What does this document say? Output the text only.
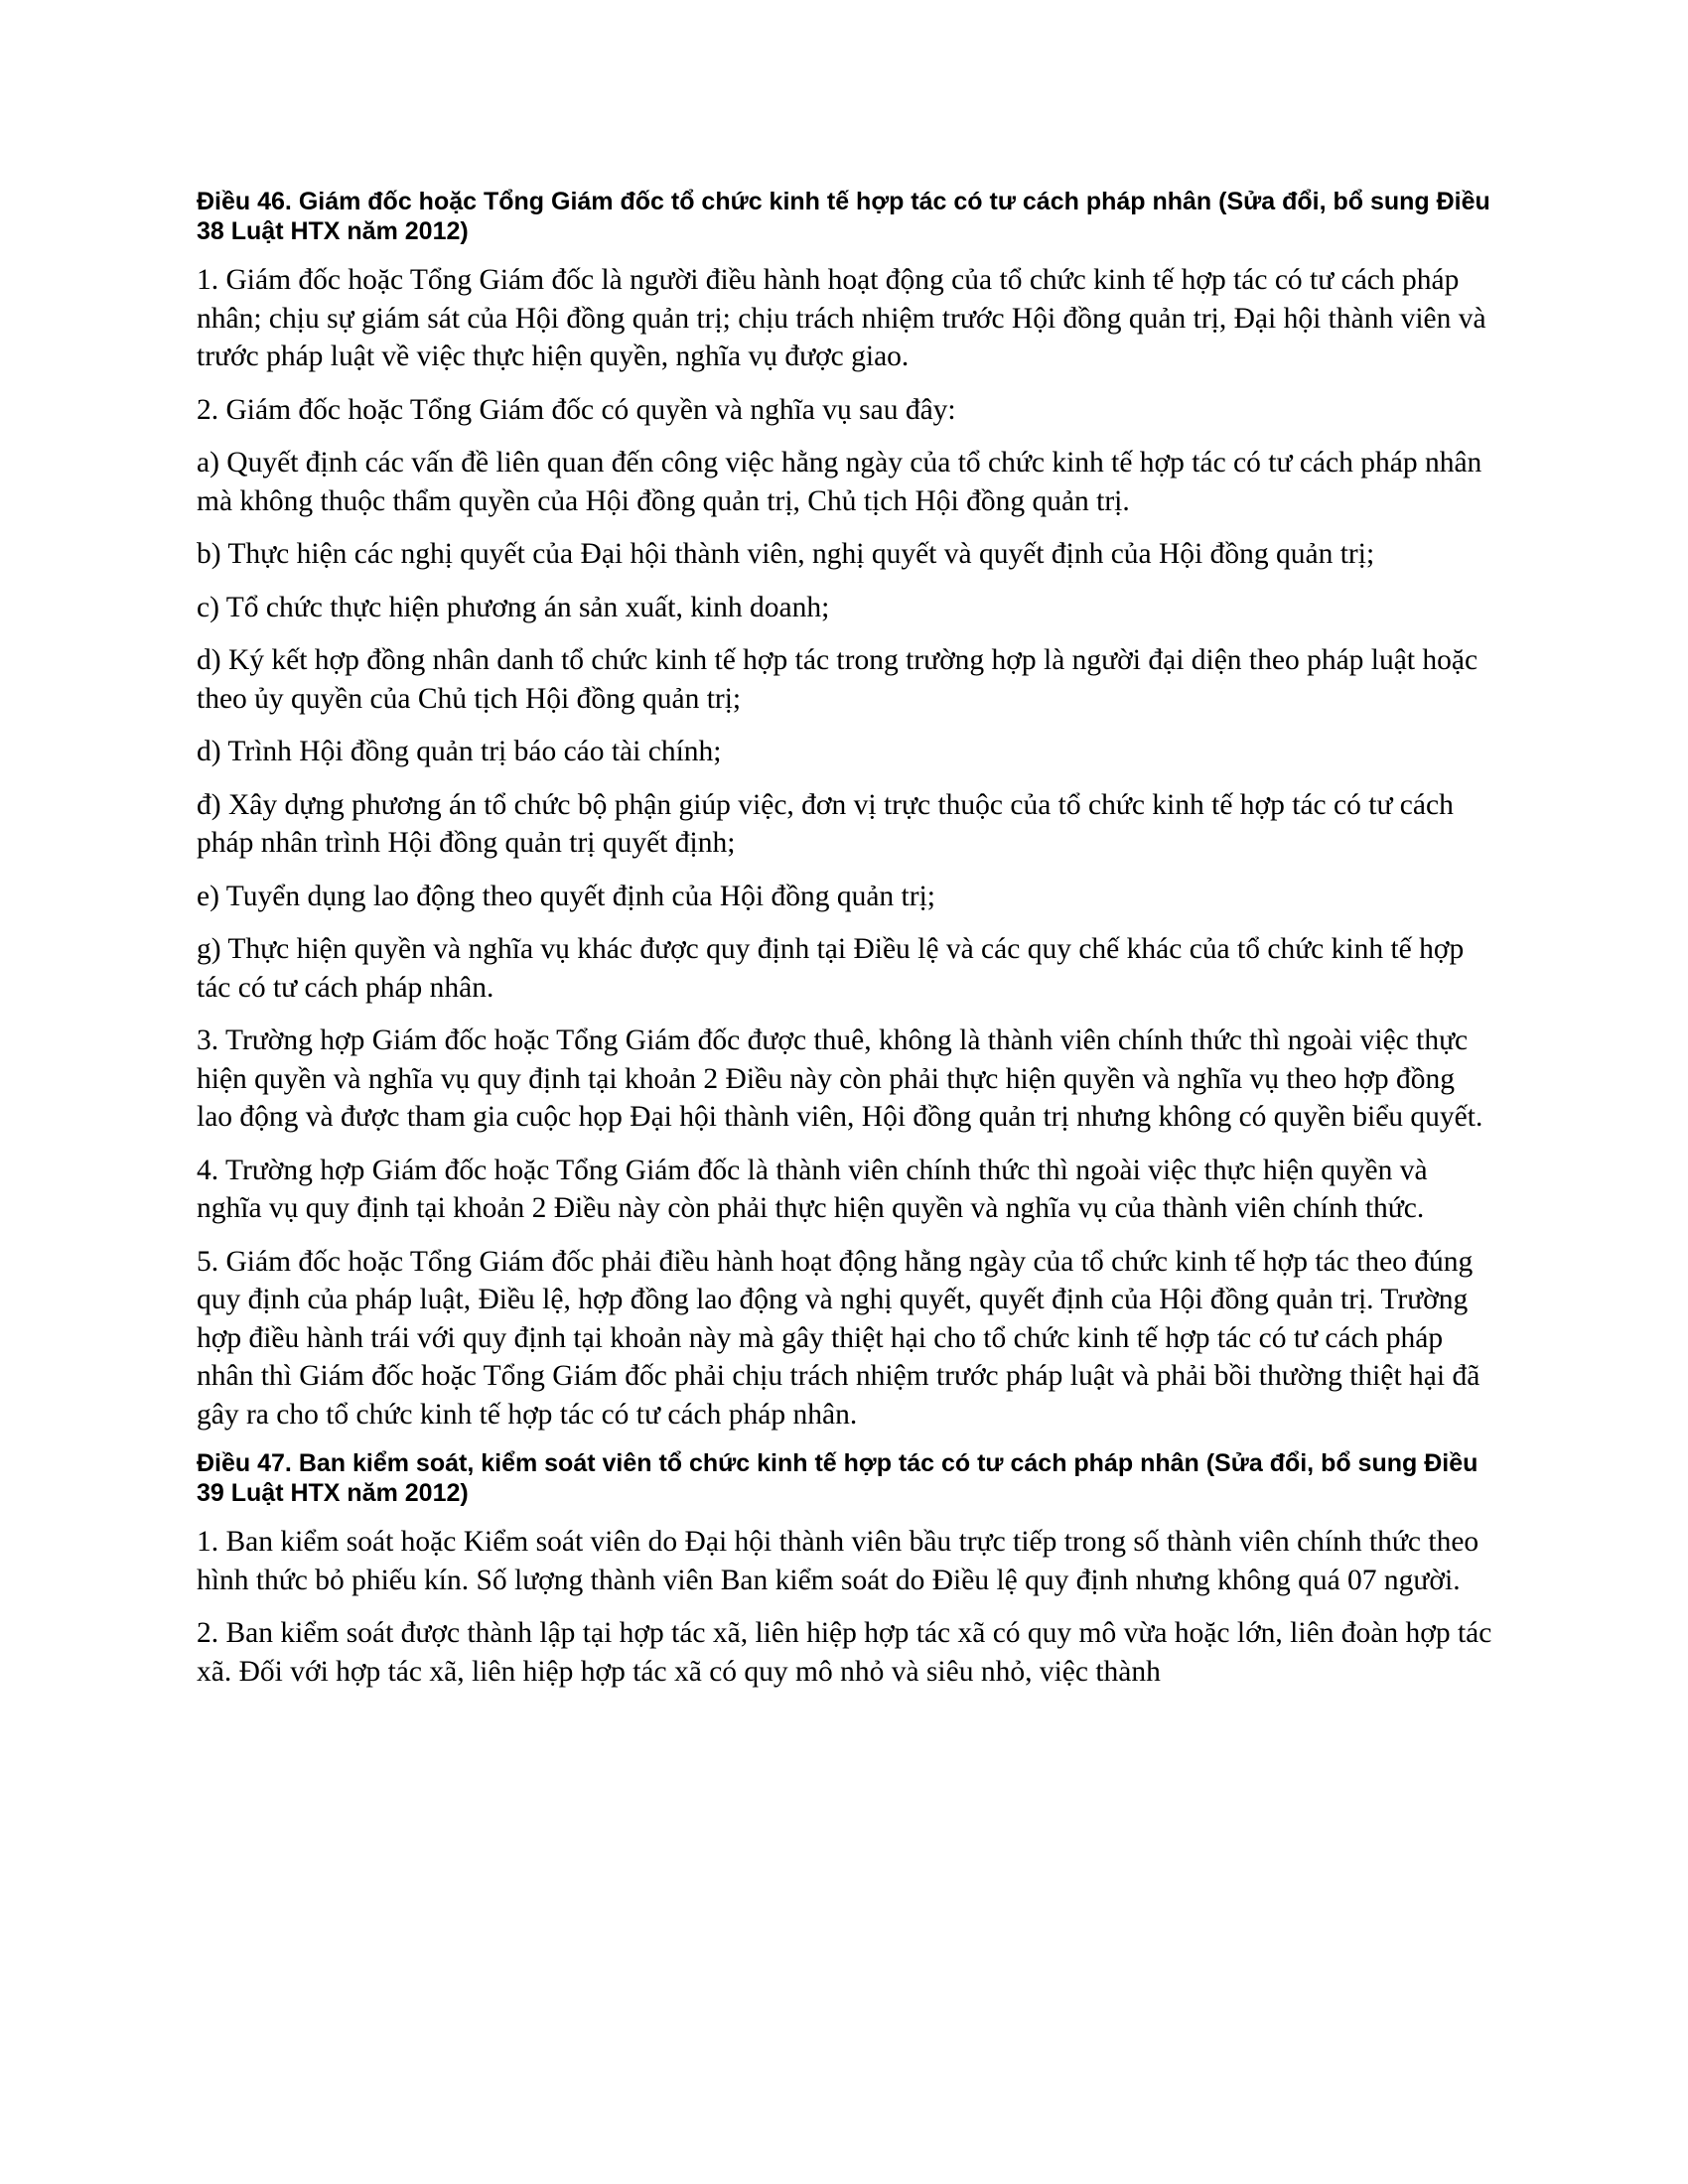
Điều 46. Giám đốc hoặc Tổng Giám đốc tổ chức kinh tế hợp tác có tư cách pháp nhân (Sửa đổi, bổ sung Điều 38 Luật HTX năm 2012)
1. Giám đốc hoặc Tổng Giám đốc là người điều hành hoạt động của tổ chức kinh tế hợp tác có tư cách pháp nhân; chịu sự giám sát của Hội đồng quản trị; chịu trách nhiệm trước Hội đồng quản trị, Đại hội thành viên và trước pháp luật về việc thực hiện quyền, nghĩa vụ được giao.
2. Giám đốc hoặc Tổng Giám đốc có quyền và nghĩa vụ sau đây:
a) Quyết định các vấn đề liên quan đến công việc hằng ngày của tổ chức kinh tế hợp tác có tư cách pháp nhân mà không thuộc thẩm quyền của Hội đồng quản trị, Chủ tịch Hội đồng quản trị.
b) Thực hiện các nghị quyết của Đại hội thành viên, nghị quyết và quyết định của Hội đồng quản trị;
c) Tổ chức thực hiện phương án sản xuất, kinh doanh;
d) Ký kết hợp đồng nhân danh tổ chức kinh tế hợp tác trong trường hợp là người đại diện theo pháp luật hoặc theo ủy quyền của Chủ tịch Hội đồng quản trị;
d) Trình Hội đồng quản trị báo cáo tài chính;
đ) Xây dựng phương án tổ chức bộ phận giúp việc, đơn vị trực thuộc của tổ chức kinh tế hợp tác có tư cách pháp nhân trình Hội đồng quản trị quyết định;
e) Tuyển dụng lao động theo quyết định của Hội đồng quản trị;
g) Thực hiện quyền và nghĩa vụ khác được quy định tại Điều lệ và các quy chế khác của tổ chức kinh tế hợp tác có tư cách pháp nhân.
3. Trường hợp Giám đốc hoặc Tổng Giám đốc được thuê, không là thành viên chính thức thì ngoài việc thực hiện quyền và nghĩa vụ quy định tại khoản 2 Điều này còn phải thực hiện quyền và nghĩa vụ theo hợp đồng lao động và được tham gia cuộc họp Đại hội thành viên, Hội đồng quản trị nhưng không có quyền biểu quyết.
4. Trường hợp Giám đốc hoặc Tổng Giám đốc là thành viên chính thức thì ngoài việc thực hiện quyền và nghĩa vụ quy định tại khoản 2 Điều này còn phải thực hiện quyền và nghĩa vụ của thành viên chính thức.
5. Giám đốc hoặc Tổng Giám đốc phải điều hành hoạt động hằng ngày của tổ chức kinh tế hợp tác theo đúng quy định của pháp luật, Điều lệ, hợp đồng lao động và nghị quyết, quyết định của Hội đồng quản trị. Trường hợp điều hành trái với quy định tại khoản này mà gây thiệt hại cho tổ chức kinh tế hợp tác có tư cách pháp nhân thì Giám đốc hoặc Tổng Giám đốc phải chịu trách nhiệm trước pháp luật và phải bồi thường thiệt hại đã gây ra cho tổ chức kinh tế hợp tác có tư cách pháp nhân.
Điều 47. Ban kiểm soát, kiểm soát viên tổ chức kinh tế hợp tác có tư cách pháp nhân (Sửa đổi, bổ sung Điều 39 Luật HTX năm 2012)
1. Ban kiểm soát hoặc Kiểm soát viên do Đại hội thành viên bầu trực tiếp trong số thành viên chính thức theo hình thức bỏ phiếu kín. Số lượng thành viên Ban kiểm soát do Điều lệ quy định nhưng không quá 07 người.
2. Ban kiểm soát được thành lập tại hợp tác xã, liên hiệp hợp tác xã có quy mô vừa hoặc lớn, liên đoàn hợp tác xã. Đối với hợp tác xã, liên hiệp hợp tác xã có quy mô nhỏ và siêu nhỏ, việc thành
